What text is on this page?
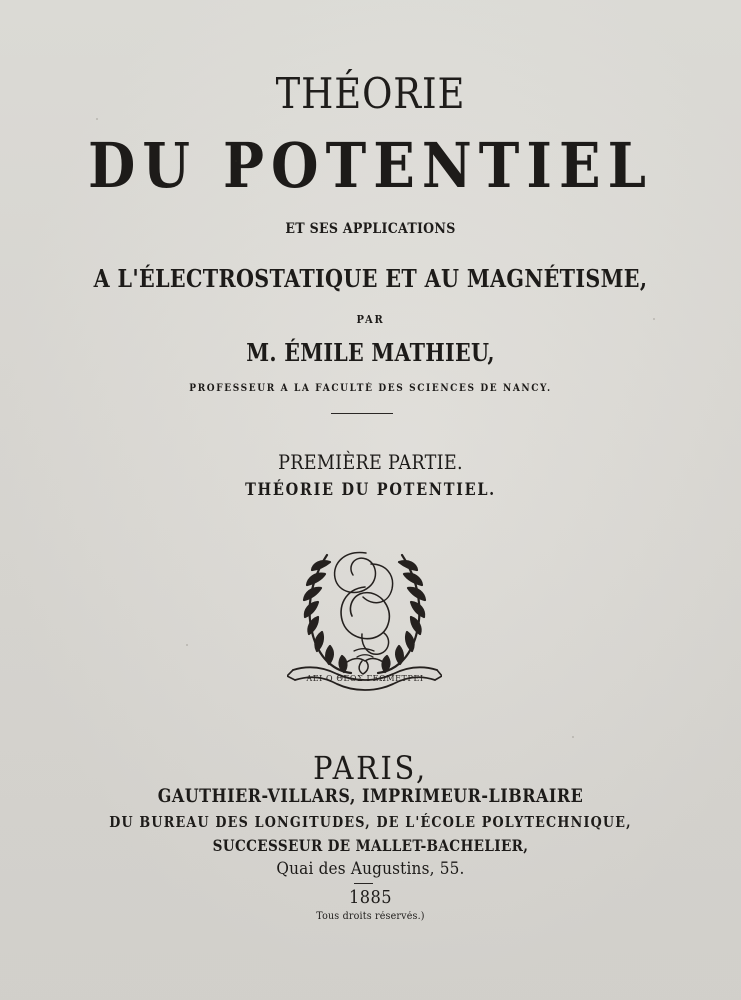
THÉORIE
DU POTENTIEL
ET SES APPLICATIONS
A L'ÉLECTROSTATIQUE ET AU MAGNÉTISME,
PAR
M. ÉMILE MATHIEU,
PROFESSEUR A LA FACULTÉ DES SCIENCES DE NANCY.
PREMIÈRE PARTIE.
THÉORIE DU POTENTIEL.
ΑΕΙ Ο ΘΕΟΣ ΓΕΩΜΕΤΡΕΙ
PARIS,
GAUTHIER-VILLARS, IMPRIMEUR-LIBRAIRE
DU BUREAU DES LONGITUDES, DE L'ÉCOLE POLYTECHNIQUE,
SUCCESSEUR DE MALLET-BACHELIER,
Quai des Augustins, 55.
1885
Tous droits réservés.)
